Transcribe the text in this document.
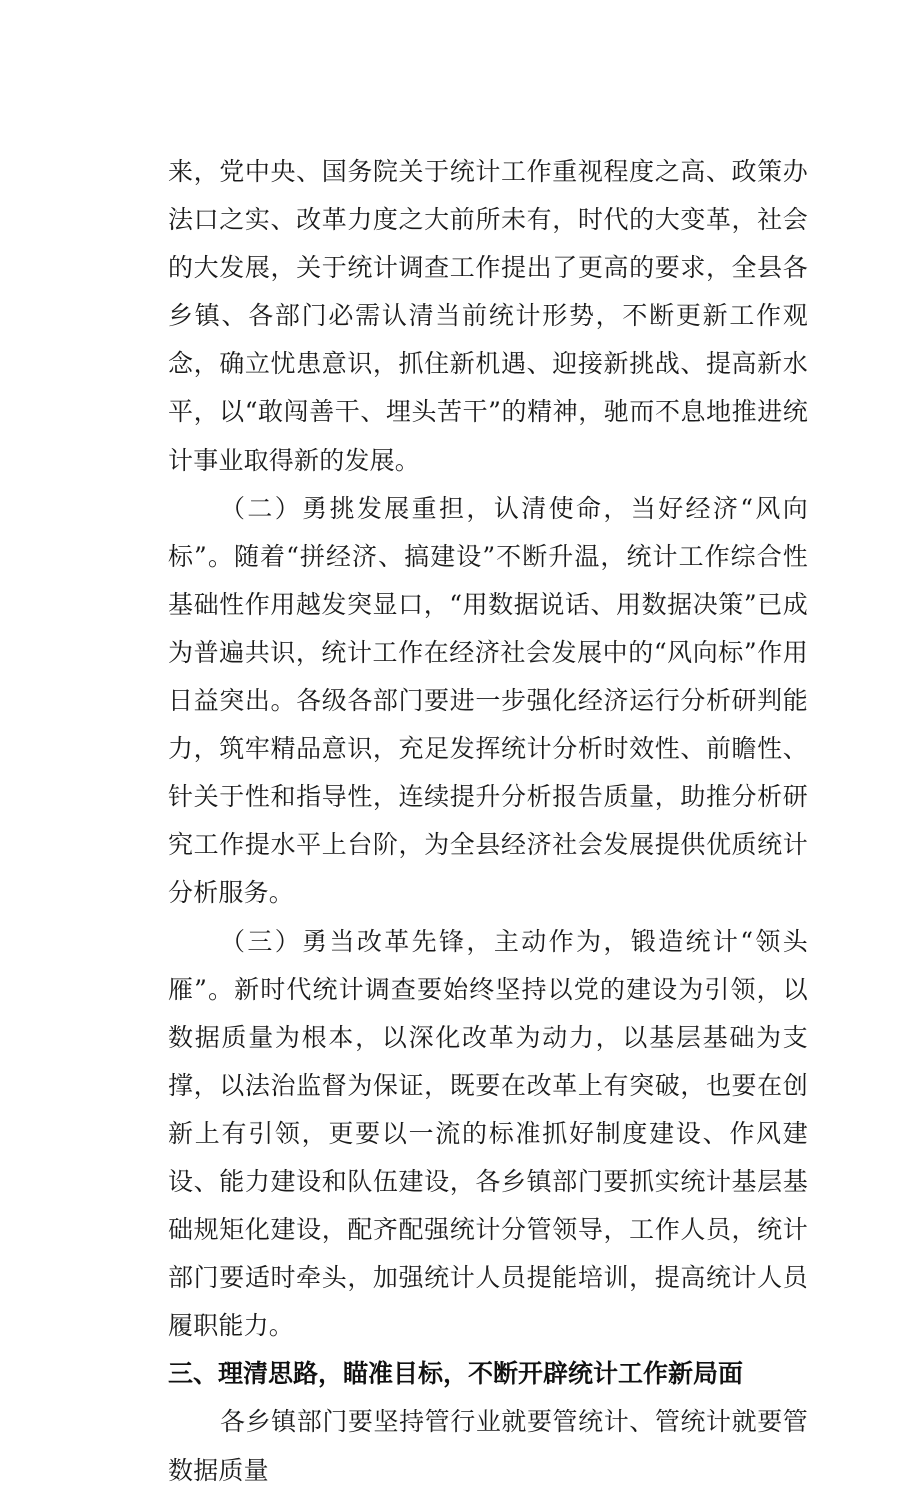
来，党中央、国务院关于统计工作重视程度之高、政策办法口之实、改革力度之大前所未有，时代的大变革，社会的大发展，关于统计调查工作提出了更高的要求，全县各乡镇、各部门必需认清当前统计形势，不断更新工作观念，确立忧患意识，抓住新机遇、迎接新挑战、提高新水平，以“敢闯善干、埋头苦干”的精神，驰而不息地推进统计事业取得新的发展。

（二）勇挑发展重担，认清使命，当好经济“风向标”。随着“拼经济、搞建设”不断升温，统计工作综合性基础性作用越发突显口，“用数据说话、用数据决策”已成为普遍共识，统计工作在经济社会发展中的“风向标”作用日益突出。各级各部门要进一步强化经济运行分析研判能力，筑牢精品意识，充足发挥统计分析时效性、前瞻性、针关于性和指导性，连续提升分析报告质量，助推分析研究工作提水平上台阶，为全县经济社会发展提供优质统计分析服务。

（三）勇当改革先锋，主动作为，锻造统计“领头雁”。新时代统计调查要始终坚持以党的建设为引领，以数据质量为根本，以深化改革为动力，以基层基础为支撑，以法治监督为保证，既要在改革上有突破，也要在创新上有引领，更要以一流的标准抓好制度建设、作风建设、能力建设和队伍建设，各乡镇部门要抓实统计基层基础规矩化建设，配齐配强统计分管领导，工作人员，统计部门要适时牵头，加强统计人员提能培训，提高统计人员履职能力。

三、理清思路，瞄准目标，不断开辟统计工作新局面

各乡镇部门要坚持管行业就要管统计、管统计就要管数据质量
